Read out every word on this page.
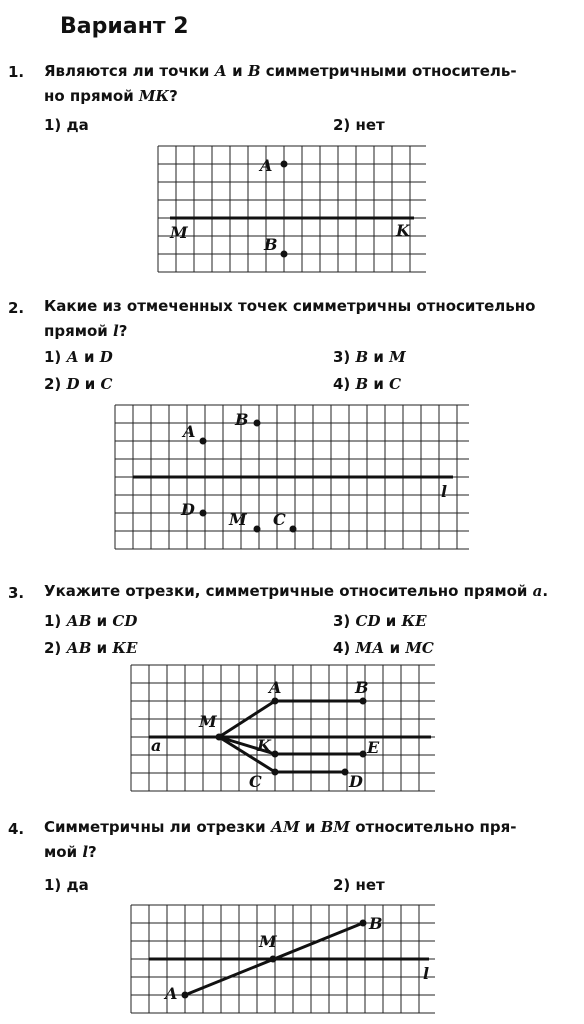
Вариант 2
1. Являются ли точки А и В симметричными относитель-
но прямой МК?
1) да	2) нет
A
B
M	K
2. Какие из отмеченных точек симметричны относительно
прямой l?
1) А и D	3) В и М
2) D и С	4) В и С
A
B
l
D
M C
3. Укажите отрезки, симметричные относительно прямой а.
1) АВ и CD	3) CD и КЕ
2) АВ и КЕ	4) МА и МС
A	B
M
a	K	E
C	D
4. Симметричны ли отрезки АМ и ВМ относительно пря-
мой l?
1) да	2) нет
B
M
l
A
